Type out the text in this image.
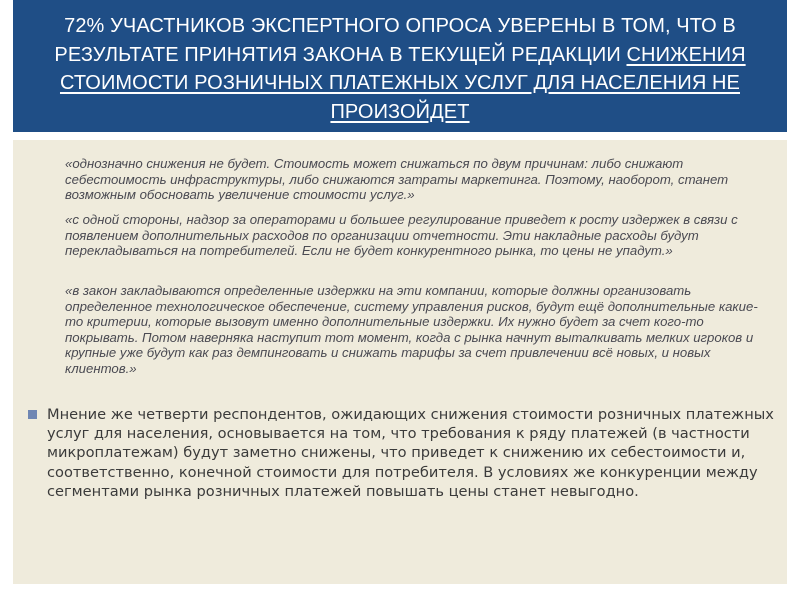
72% УЧАСТНИКОВ ЭКСПЕРТНОГО ОПРОСА УВЕРЕНЫ В ТОМ, ЧТО В РЕЗУЛЬТАТЕ ПРИНЯТИЯ ЗАКОНА В ТЕКУЩЕЙ РЕДАКЦИИ СНИЖЕНИЯ СТОИМОСТИ РОЗНИЧНЫХ ПЛАТЕЖНЫХ УСЛУГ ДЛЯ НАСЕЛЕНИЯ НЕ ПРОИЗОЙДЕТ

«однозначно снижения не будет. Стоимость может снижаться по двум причинам: либо снижают себестоимость инфраструктуры, либо снижаются затраты маркетинга. Поэтому, наоборот, станет возможным обосновать увеличение стоимости услуг.»

«с одной стороны, надзор за операторами и большее регулирование приведет к росту издержек в связи с появлением дополнительных расходов по организации отчетности. Эти накладные расходы будут перекладываться на потребителей. Если не будет конкурентного рынка, то цены не упадут.»

«в закон закладываются определенные издержки на эти компании, которые должны организовать определенное технологическое обеспечение, систему управления рисков, будут ещё дополнительные какие-то критерии, которые вызовут именно дополнительные издержки. Их нужно будет за счет кого-то покрывать. Потом наверняка наступит тот момент, когда с рынка начнут выталкивать мелких игроков и крупные уже будут как раз демпинговать и снижать тарифы за счет привлечении всё новых, и новых клиентов.»

Мнение же четверти респондентов, ожидающих снижения стоимости розничных платежных услуг для населения, основывается на том, что требования к ряду платежей (в частности микроплатежам) будут заметно снижены, что приведет к снижению их себестоимости и, соответственно, конечной стоимости для потребителя. В условиях же конкуренции между сегментами рынка розничных платежей повышать цены станет невыгодно.
